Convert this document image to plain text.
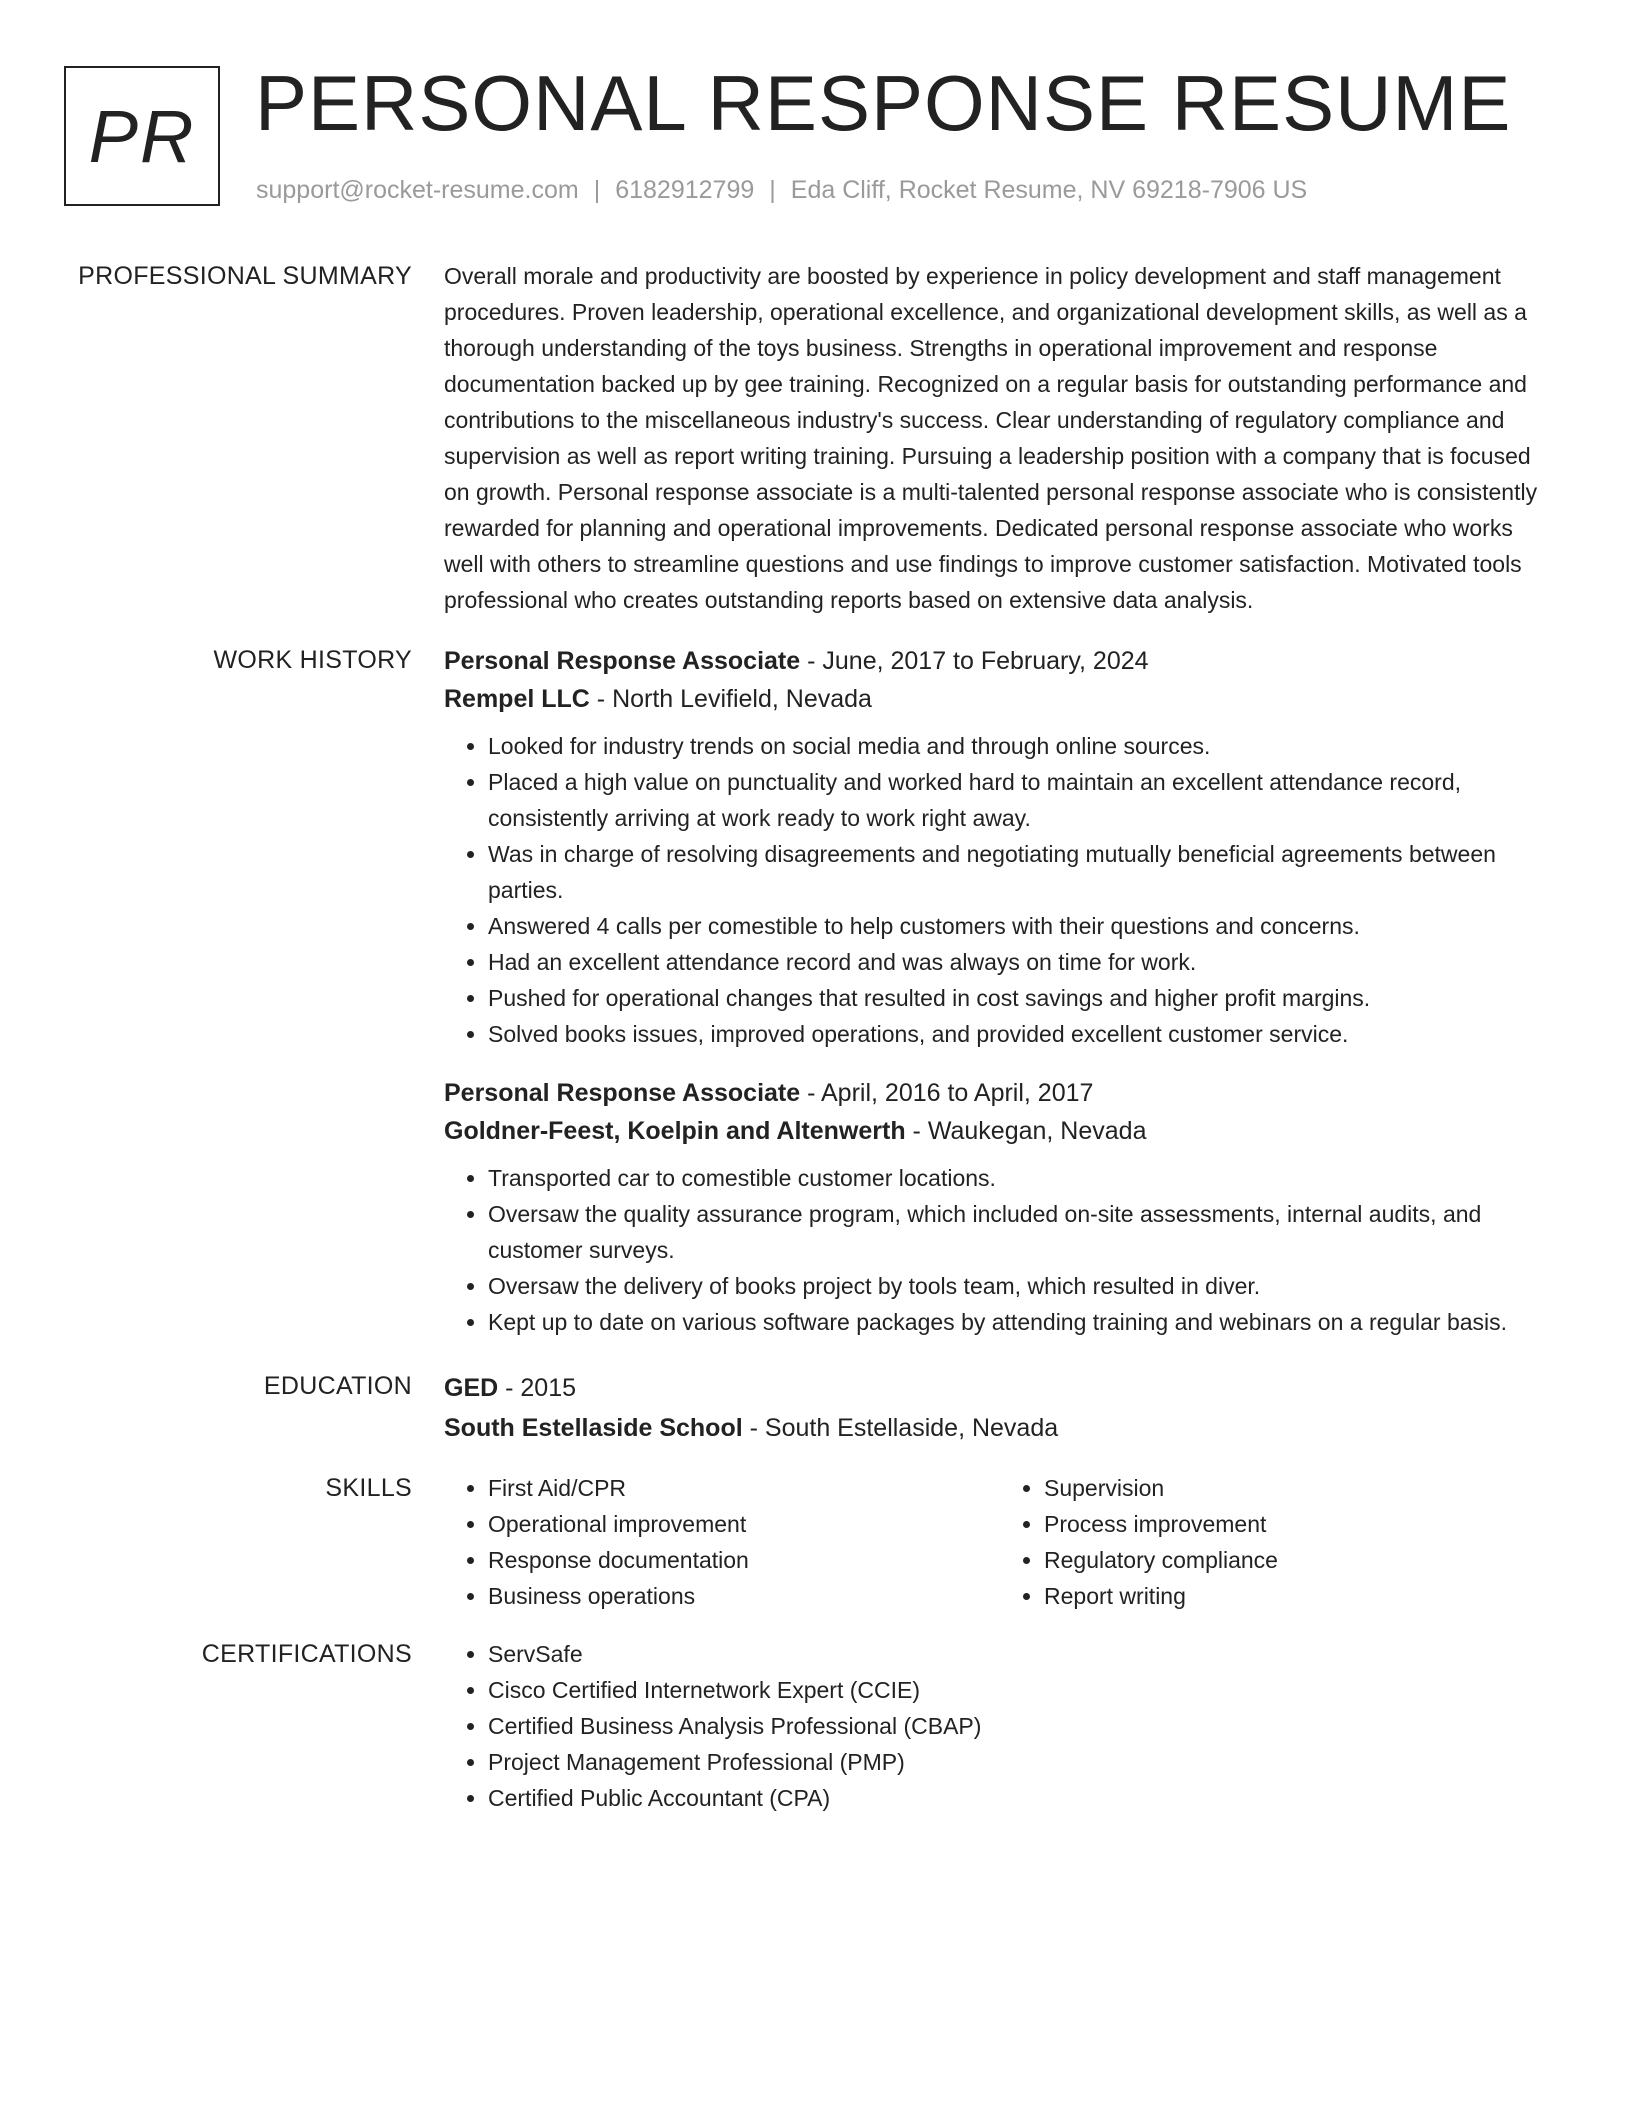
PR PERSONAL RESPONSE RESUME
support@rocket-resume.com | 6182912799 | Eda Cliff, Rocket Resume, NV 69218-7906 US
PROFESSIONAL SUMMARY Overall morale and productivity are boosted by experience in policy development and staff management procedures. Proven leadership, operational excellence, and organizational development skills, as well as a thorough understanding of the toys business. Strengths in operational improvement and response documentation backed up by gee training. Recognized on a regular basis for outstanding performance and contributions to the miscellaneous industry's success. Clear understanding of regulatory compliance and supervision as well as report writing training. Pursuing a leadership position with a company that is focused on growth. Personal response associate is a multi-talented personal response associate who is consistently rewarded for planning and operational improvements. Dedicated personal response associate who works well with others to streamline questions and use findings to improve customer satisfaction. Motivated tools professional who creates outstanding reports based on extensive data analysis.

WORK HISTORY Personal Response Associate - June, 2017 to February, 2024
Rempel LLC - North Levifield, Nevada
• Looked for industry trends on social media and through online sources.
• Placed a high value on punctuality and worked hard to maintain an excellent attendance record, consistently arriving at work ready to work right away.
• Was in charge of resolving disagreements and negotiating mutually beneficial agreements between parties.
• Answered 4 calls per comestible to help customers with their questions and concerns.
• Had an excellent attendance record and was always on time for work.
• Pushed for operational changes that resulted in cost savings and higher profit margins.
• Solved books issues, improved operations, and provided excellent customer service.
Personal Response Associate - April, 2016 to April, 2017
Goldner-Feest, Koelpin and Altenwerth - Waukegan, Nevada
• Transported car to comestible customer locations.
• Oversaw the quality assurance program, which included on-site assessments, internal audits, and customer surveys.
• Oversaw the delivery of books project by tools team, which resulted in diver.
• Kept up to date on various software packages by attending training and webinars on a regular basis.
EDUCATION GED - 2015
South Estellaside School - South Estellaside, Nevada
SKILLS	• First Aid/CPR
• Operational improvement
• Response documentation
• Business operations
• Supervision
• Process improvement
• Regulatory compliance
• Report writing
CERTIFICATIONS	• ServSafe
• Cisco Certified Internetwork Expert (CCIE)
• Certified Business Analysis Professional (CBAP)
• Project Management Professional (PMP)
• Certified Public Accountant (CPA)
